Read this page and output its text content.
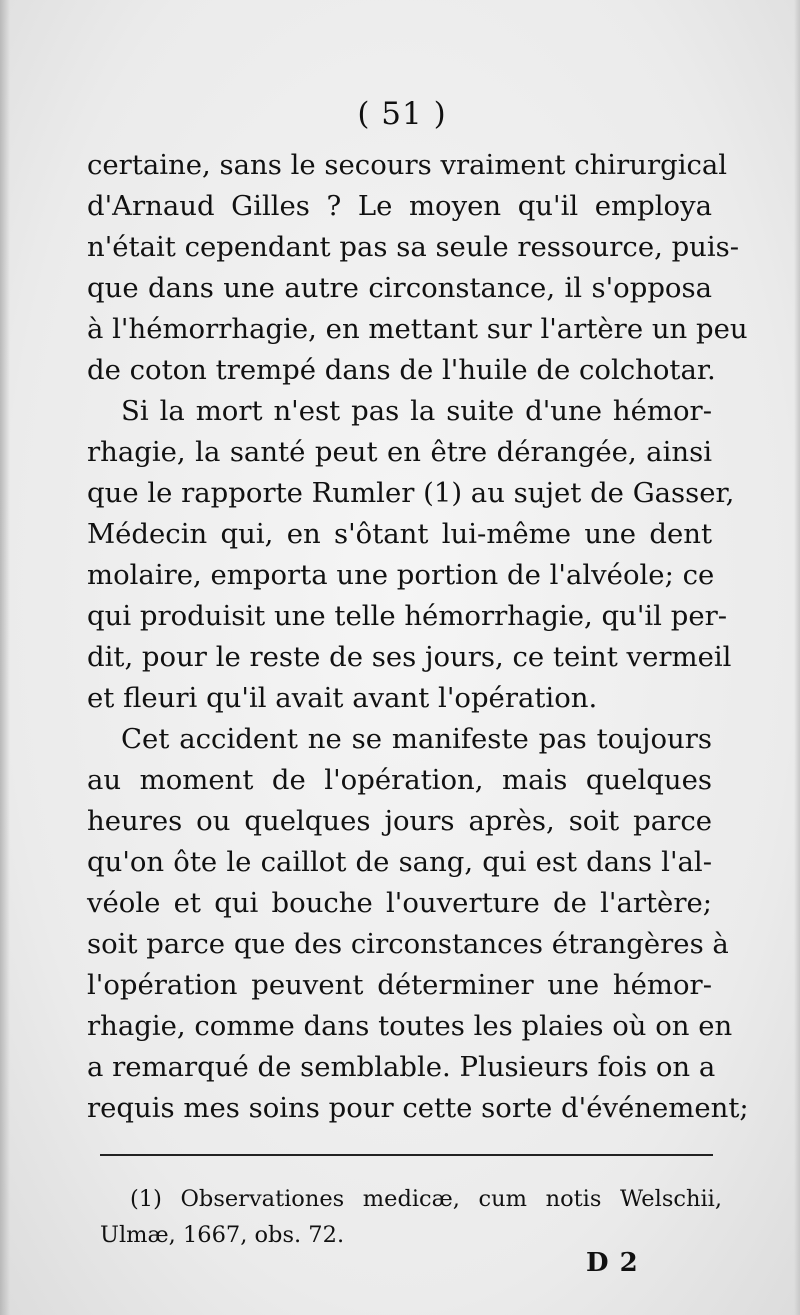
( 51 )
certaine, sans le secours vraiment chirurgical
d'Arnaud Gilles ? Le moyen qu'il employa
n'était cependant pas sa seule ressource, puis-
que dans une autre circonstance, il s'opposa
à l'hémorrhagie, en mettant sur l'artère un peu
de coton trempé dans de l'huile de colchotar.
Si la mort n'est pas la suite d'une hémor-
rhagie, la santé peut en être dérangée, ainsi
que le rapporte Rumler (1) au sujet de Gasser,
Médecin qui, en s'ôtant lui-même une dent
molaire, emporta une portion de l'alvéole; ce
qui produisit une telle hémorrhagie, qu'il per-
dit, pour le reste de ses jours, ce teint vermeil
et fleuri qu'il avait avant l'opération.
Cet accident ne se manifeste pas toujours
au moment de l'opération, mais quelques
heures ou quelques jours après, soit parce
qu'on ôte le caillot de sang, qui est dans l'al-
véole et qui bouche l'ouverture de l'artère;
soit parce que des circonstances étrangères à
l'opération peuvent déterminer une hémor-
rhagie, comme dans toutes les plaies où on en
a remarqué de semblable. Plusieurs fois on a
requis mes soins pour cette sorte d'événement;
(1) Observationes medicæ, cum notis Welschii,
Ulmæ, 1667, obs. 72.
D 2
